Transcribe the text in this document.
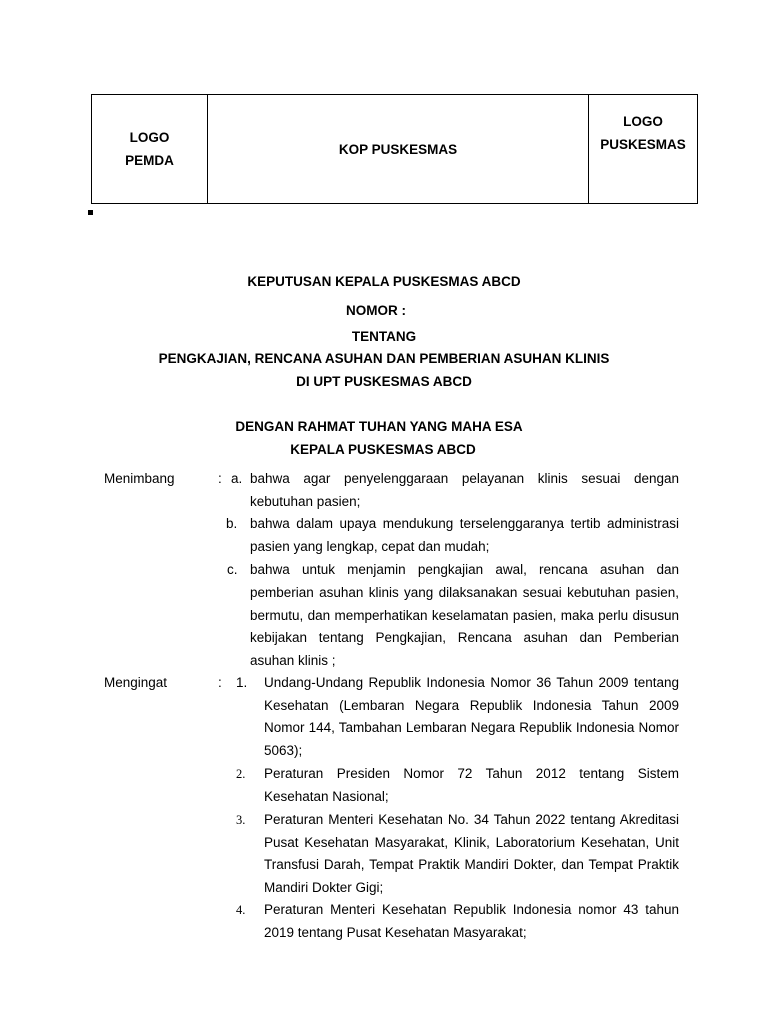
LOGO
PEMDA
KOP PUSKESMAS
LOGO
PUSKESMAS
KEPUTUSAN KEPALA PUSKESMAS ABCD
NOMOR :
TENTANG
PENGKAJIAN, RENCANA ASUHAN DAN PEMBERIAN ASUHAN KLINIS
DI UPT PUSKESMAS ABCD
DENGAN RAHMAT TUHAN YANG MAHA ESA
KEPALA PUSKESMAS ABCD
Menimbang	: a. bahwa agar penyelenggaraan pelayanan klinis sesuai dengan kebutuhan pasien;
b. bahwa dalam upaya mendukung terselenggaranya tertib administrasi pasien yang lengkap, cepat dan mudah;
c. bahwa untuk menjamin pengkajian awal, rencana asuhan dan pemberian asuhan klinis yang dilaksanakan sesuai kebutuhan pasien, bermutu, dan memperhatikan keselamatan pasien, maka perlu disusun kebijakan tentang Pengkajian, Rencana asuhan dan Pemberian asuhan klinis ;
Mengingat	: 1. Undang-Undang Republik Indonesia Nomor 36 Tahun 2009 tentang Kesehatan (Lembaran Negara Republik Indonesia Tahun 2009 Nomor 144, Tambahan Lembaran Negara Republik Indonesia Nomor 5063);
2. Peraturan Presiden Nomor 72 Tahun 2012 tentang Sistem Kesehatan Nasional;
3. Peraturan Menteri Kesehatan No. 34 Tahun 2022 tentang Akreditasi Pusat Kesehatan Masyarakat, Klinik, Laboratorium Kesehatan, Unit Transfusi Darah, Tempat Praktik Mandiri Dokter, dan Tempat Praktik Mandiri Dokter Gigi;
4. Peraturan Menteri Kesehatan Republik Indonesia nomor 43 tahun 2019 tentang Pusat Kesehatan Masyarakat;
